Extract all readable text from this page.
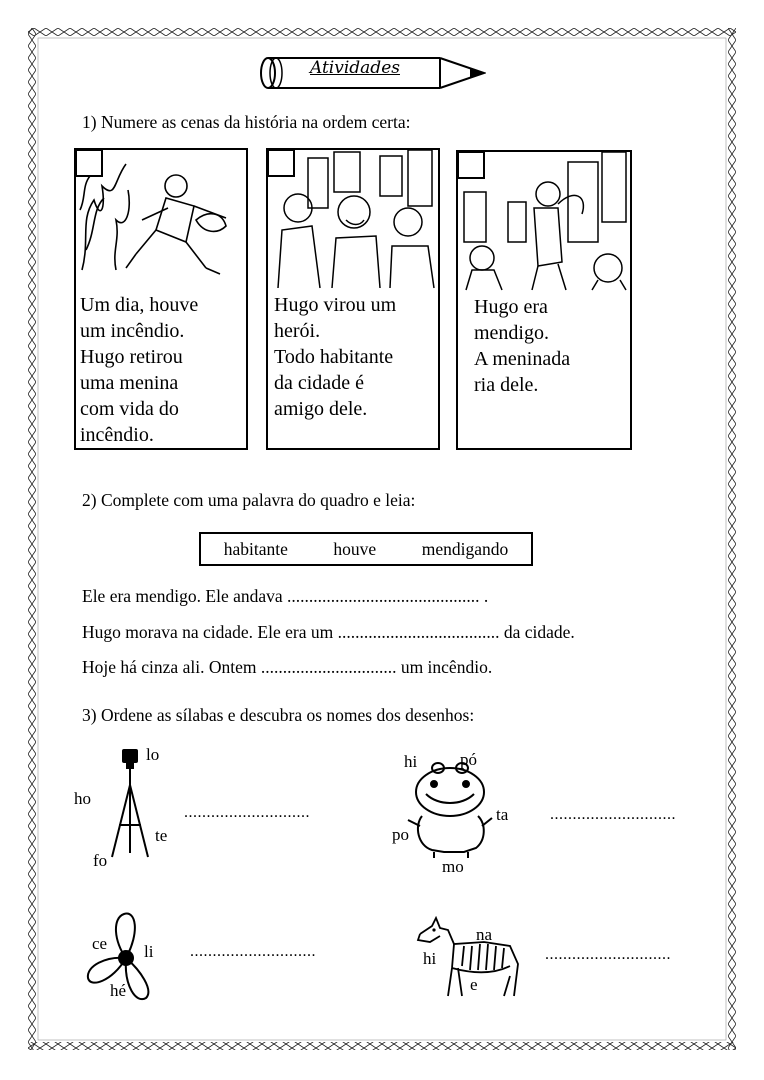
Atividades
1) Numere as cenas da história na ordem certa:
Um dia, houve
um incêndio.
Hugo retirou
uma menina
com vida do
incêndio.
Hugo virou um
herói.
Todo habitante
da cidade é
amigo dele.
Hugo era
mendigo.
A meninada
ria dele.
2) Complete com uma palavra do quadro e leia:
habitante	houve	mendigando
Ele era mendigo. Ele andava ............................................ .
Hugo morava na cidade. Ele era um ..................................... da cidade.
Hoje há cinza ali. Ontem ............................... um incêndio.
3) Ordene as sílabas e descubra os nomes dos desenhos:
lo
ho
te
fo
............................
hi	pó
ta
po
mo
............................
ce li
hé
............................
na
hi
e
............................
